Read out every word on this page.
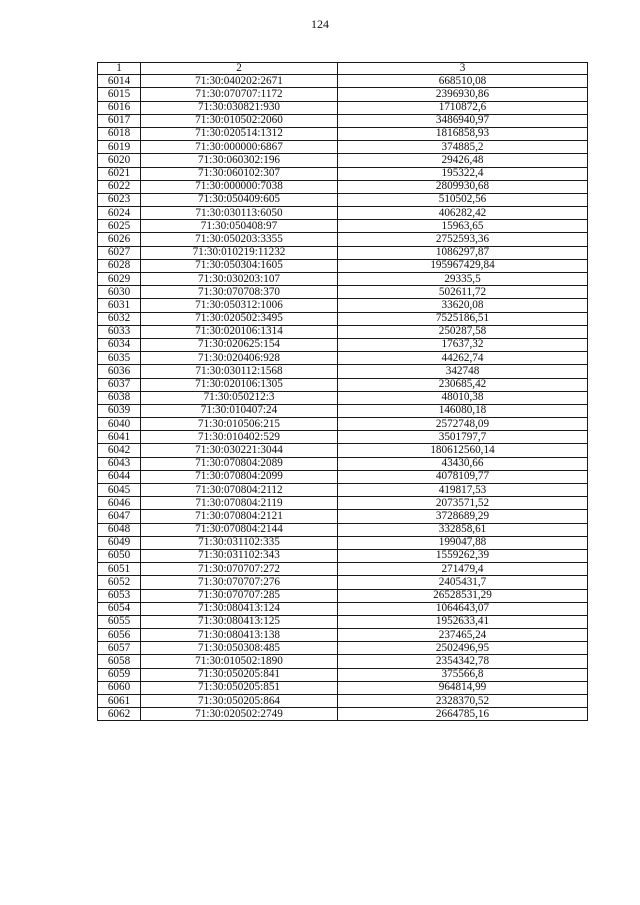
124
1	2	3
6014	71:30:040202:2671	668510,08
6015	71:30:070707:1172	2396930,86
6016	71:30:030821:930	1710872,6
6017	71:30:010502:2060	3486940,97
6018	71:30:020514:1312	1816858,93
6019	71:30:000000:6867	374885,2
6020	71:30:060302:196	29426,48
6021	71:30:060102:307	195322,4
6022	71:30:000000:7038	2809930,68
6023	71:30:050409:605	510502,56
6024	71:30:030113:6050	406282,42
6025	71:30:050408:97	15963,65
6026	71:30:050203:3355	2752593,36
6027	71:30:010219:11232	1086297,87
6028	71:30:050304:1605	195967429,84
6029	71:30:030203:107	29335,5
6030	71:30:070708:370	502611,72
6031	71:30:050312:1006	33620,08
6032	71:30:020502:3495	7525186,51
6033	71:30:020106:1314	250287,58
6034	71:30:020625:154	17637,32
6035	71:30:020406:928	44262,74
6036	71:30:030112:1568	342748
6037	71:30:020106:1305	230685,42
6038	71:30:050212:3	48010,38
6039	71:30:010407:24	146080,18
6040	71:30:010506:215	2572748,09
6041	71:30:010402:529	3501797,7
6042	71:30:030221:3044	180612560,14
6043	71:30:070804:2089	43430,66
6044	71:30:070804:2099	4078109,77
6045	71:30:070804:2112	419817,53
6046	71:30:070804:2119	2073571,52
6047	71:30:070804:2121	3728689,29
6048	71:30:070804:2144	332858,61
6049	71:30:031102:335	199047,88
6050	71:30:031102:343	1559262,39
6051	71:30:070707:272	271479,4
6052	71:30:070707:276	2405431,7
6053	71:30:070707:285	26528531,29
6054	71:30:080413:124	1064643,07
6055	71:30:080413:125	1952633,41
6056	71:30:080413:138	237465,24
6057	71:30:050308:485	2502496,95
6058	71:30:010502:1890	2354342,78
6059	71:30:050205:841	375566,8
6060	71:30:050205:851	964814,99
6061	71:30:050205:864	2328370,52
6062	71:30:020502:2749	2664785,16
